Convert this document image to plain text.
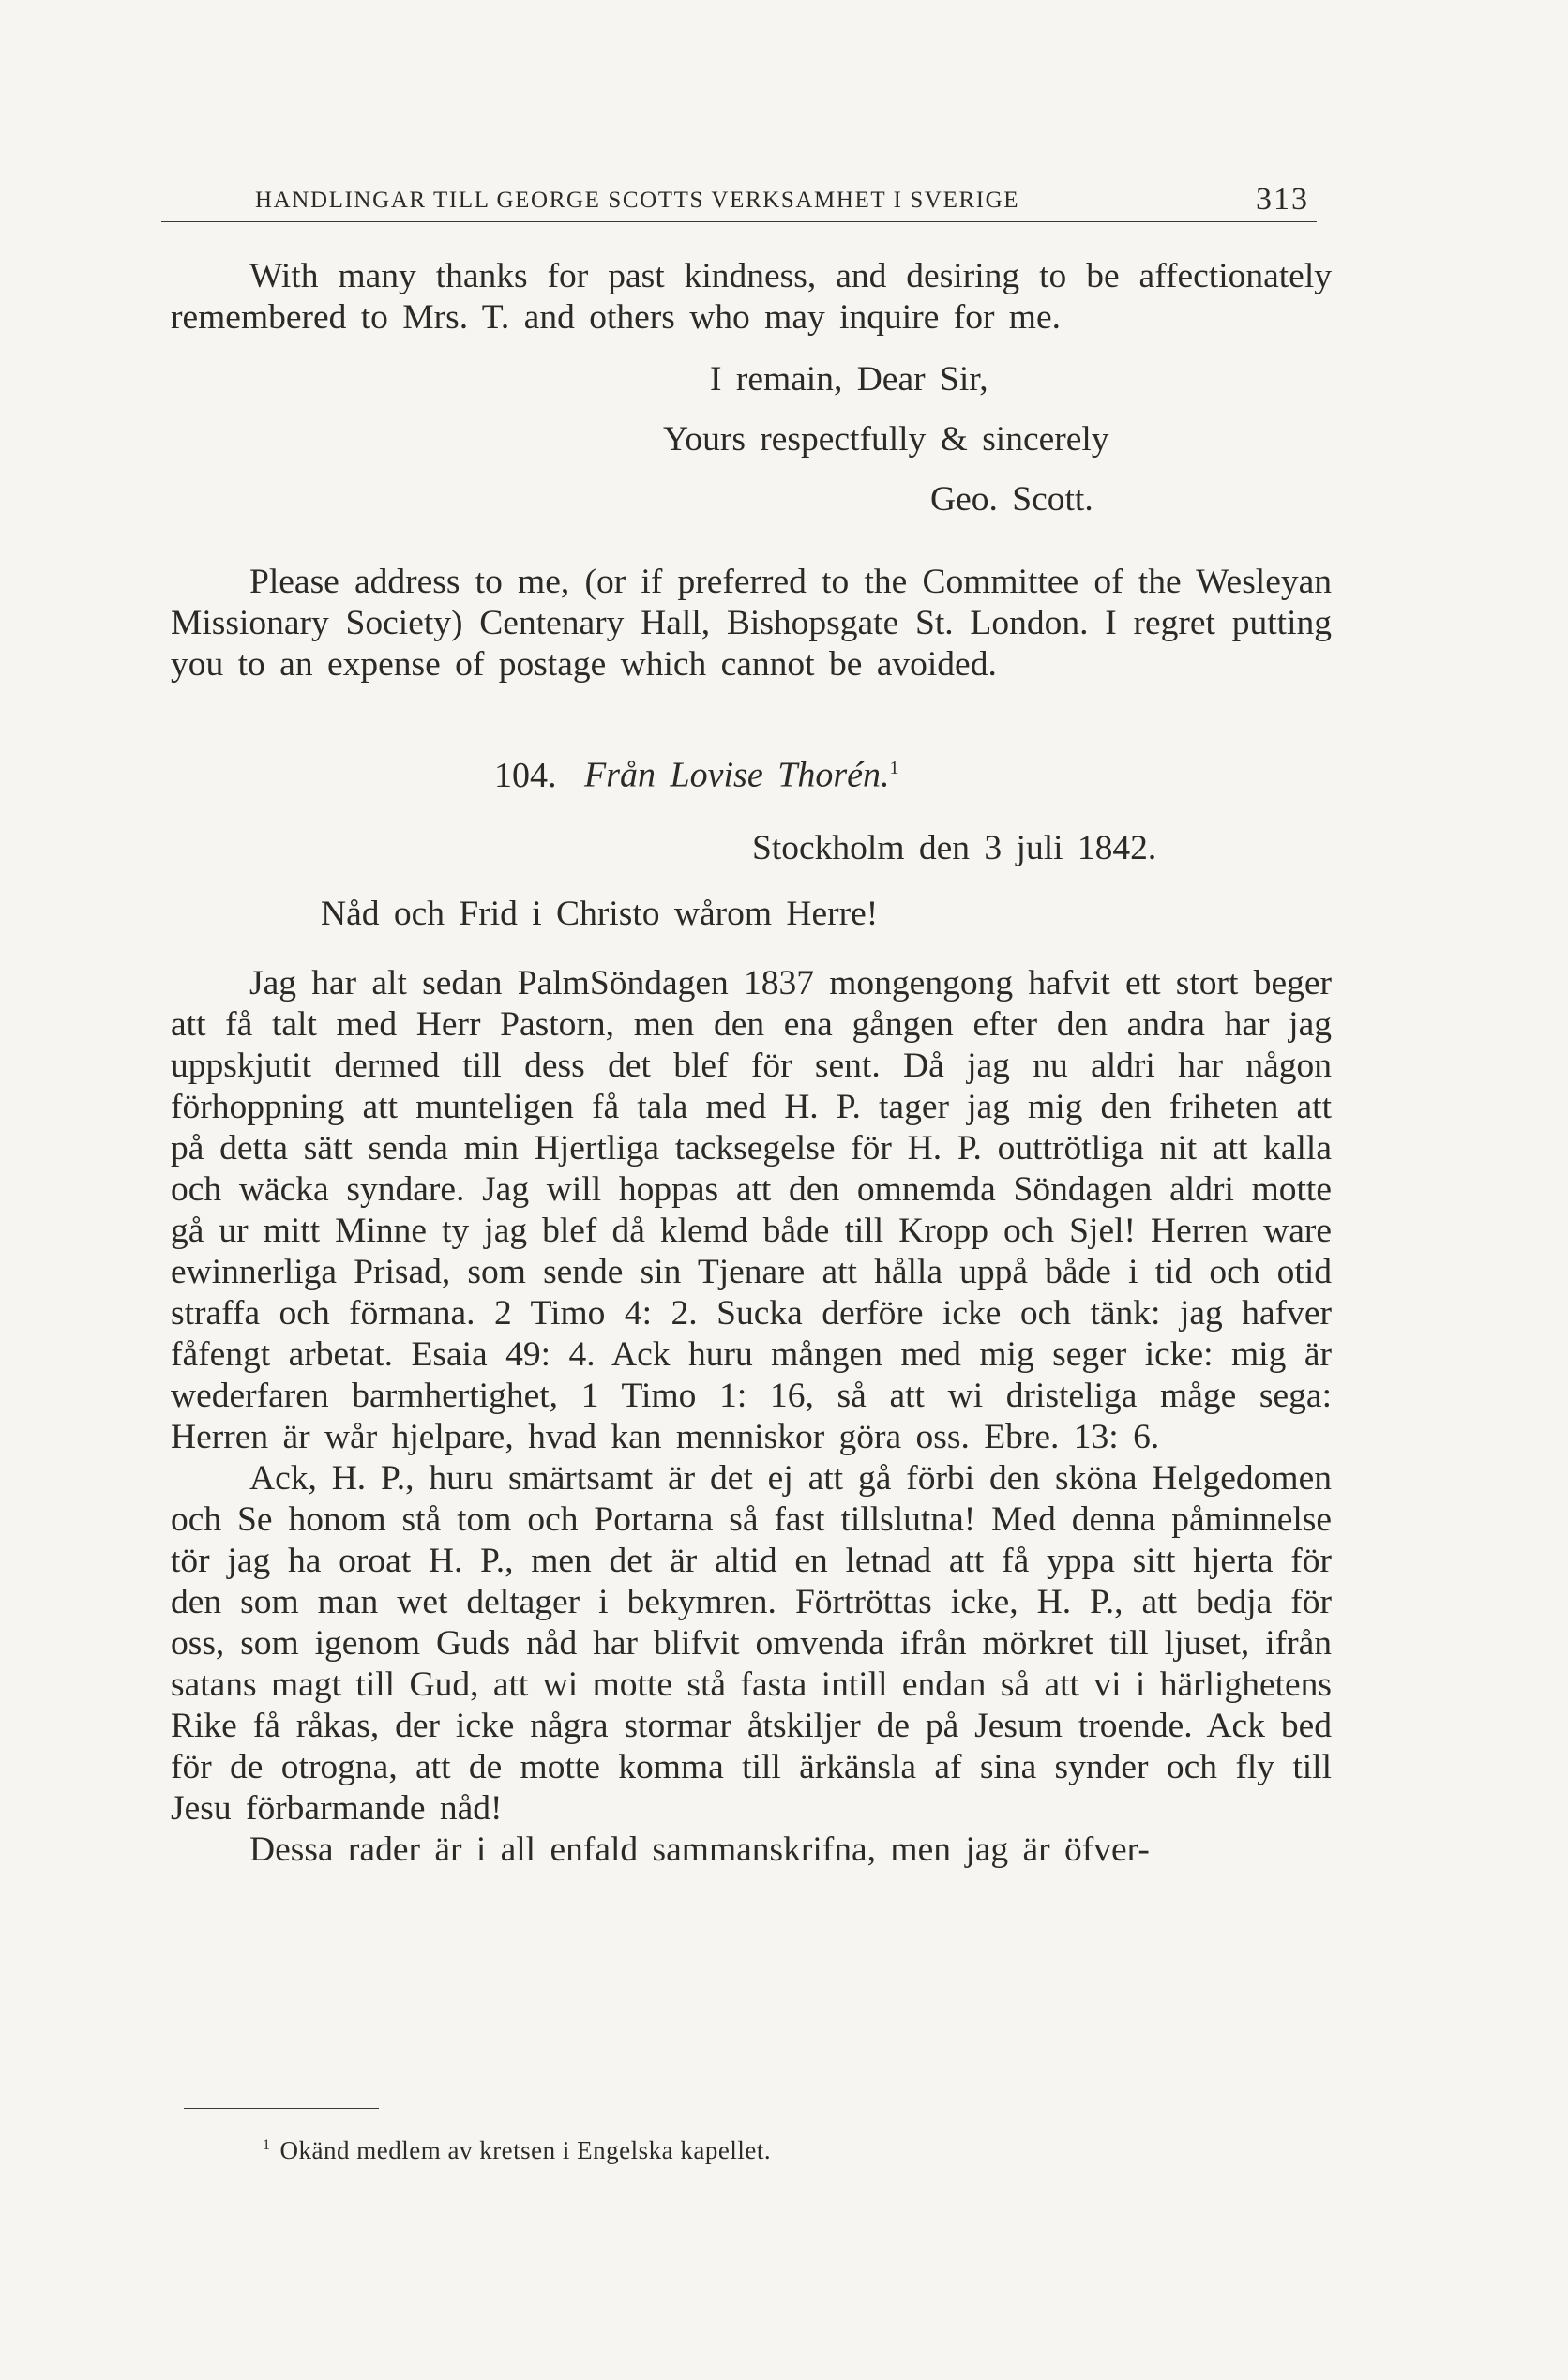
HANDLINGAR TILL GEORGE SCOTTS VERKSAMHET I SVERIGE	313

With many thanks for past kindness, and desiring to be affectionately remembered to Mrs. T. and others who may inquire for me.

I remain, Dear Sir,

Yours respectfully & sincerely

Geo. Scott.

Please address to me, (or if preferred to the Committee of the Wesleyan Missionary Society) Centenary Hall, Bishopsgate St. London. I regret putting you to an expense of postage which cannot be avoided.

104. Från Lovise Thorén.$^1$

Stockholm den 3 juli 1842.

Nåd och Frid i Christo wårom Herre!

Jag har alt sedan PalmSöndagen 1837 mongengong hafvit ett stort beger att få talt med Herr Pastorn, men den ena gången efter den andra har jag uppskjutit dermed till dess det blef för sent. Då jag nu aldri har någon förhoppning att munteligen få tala med H. P. tager jag mig den friheten att på detta sätt senda min Hjertliga tacksegelse för H. P. outtrötliga nit att kalla och wäcka syndare. Jag will hoppas att den omnemda Söndagen aldri motte gå ur mitt Minne ty jag blef då klemd både till Kropp och Sjel! Herren ware ewinnerliga Prisad, som sende sin Tjenare att hålla uppå både i tid och otid straffa och förmana. 2 Timo 4: 2. Sucka derföre icke och tänk: jag hafver fåfengt arbetat. Esaia 49: 4. Ack huru mången med mig seger icke: mig är wederfaren barmhertighet, 1 Timo 1: 16, så att wi dristeliga måge sega: Herren är wår hjelpare, hvad kan menniskor göra oss. Ebre. 13: 6.

Ack, H. P., huru smärtsamt är det ej att gå förbi den sköna Helgedomen och Se honom stå tom och Portarna så fast tillslutna! Med denna påminnelse tör jag ha oroat H. P., men det är altid en letnad att få yppa sitt hjerta för den som man wet deltager i bekymren. Förtröttas icke, H. P., att bedja för oss, som igenom Guds nåd har blifvit omvenda ifrån mörkret till ljuset, ifrån satans magt till Gud, att wi motte stå fasta intill endan så att vi i härlighetens Rike få råkas, der icke några stormar åtskiljer de på Jesum troende. Ack bed för de otrogna, att de motte komma till ärkänsla af sina synder och fly till Jesu förbarmande nåd!

Dessa rader är i all enfald sammanskrifna, men jag är öfver-

$^1$ Okänd medlem av kretsen i Engelska kapellet.
